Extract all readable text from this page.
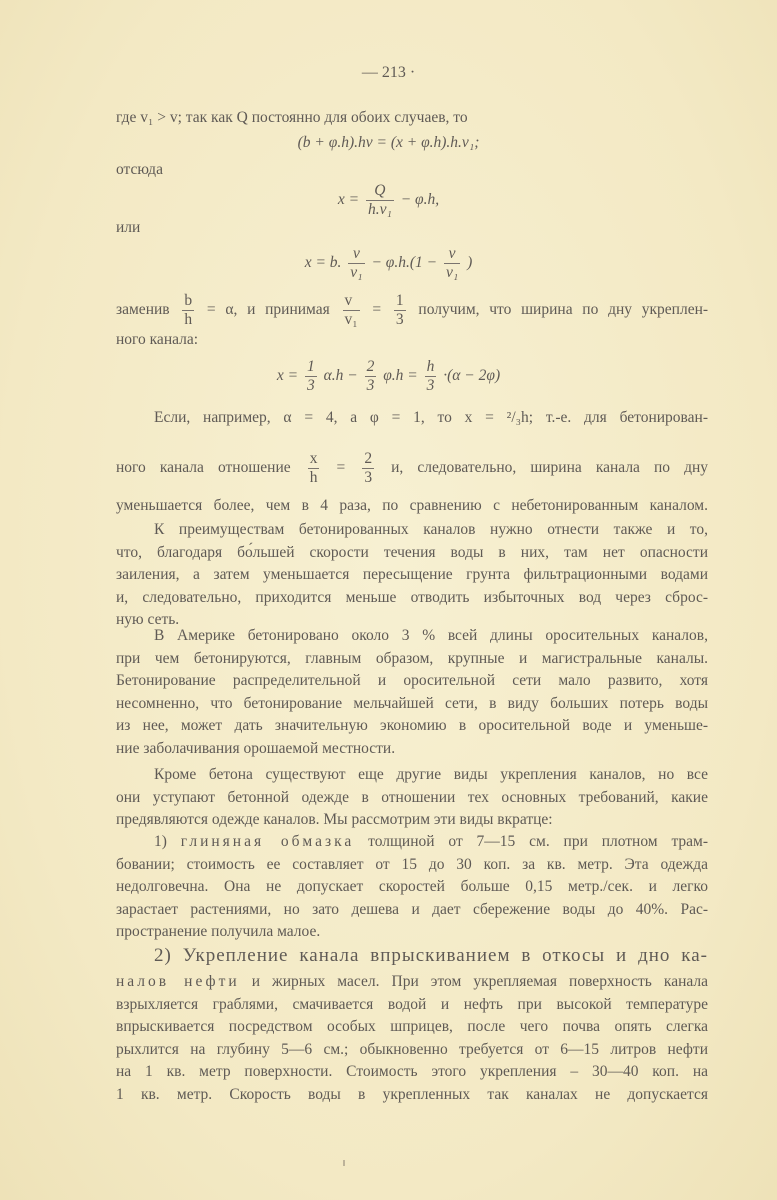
— 213 ·
где v₁ > v; так как Q постоянно для обоих случаев, то
(b + φ.h).hv = (x + φ.h).h.v₁;
отсюда
$x = \frac{Q}{\text{h.v₁}} - \varphi.h$,
или
x = b. $\frac{v}{\text{v₁}} - \varphi.h.(1 - \frac{v}{\text{v₁}}$ )
заменив $\frac{b}{h} = \alpha$, и принимая $\frac{v}{\text{v₁}} = \frac{1}{3}$ получим, что ширина по дну укреплен-
ного канала:
$x = \frac{1}{3} \alpha.h - \frac{2}{3} \varphi.h = \frac{h}{3} \cdot(\alpha - 2\varphi)$
Если, например, α = 4, а φ = 1, то x = ²/₃h; т.-е. для бетонирован-
ного канала отношение $\frac{x}{h} = \frac{2}{3} и$, следовательно, ширина канала по дну
уменьшается более, чем в 4 раза, по сравнению с небетонированным каналом.
К преимуществам бетонированных каналов нужно отнести также и то,
что, благодаря бо́льшей скорости течения воды в них, там нет опасности
заиления, а затем уменьшается пересыщение грунта фильтрационными водами
и, следовательно, приходится меньше отводить избыточных вод через сброс-
ную сеть.
В Америке бетонировано около 3 % всей длины оросительных каналов,
при чем бетонируются, главным образом, крупные и магистральные каналы.
Бетонирование распределительной и оросительной сети мало развито, хотя
несомненно, что бетонирование мельчайшей сети, в виду больших потерь воды
из нее, может дать значительную экономию в оросительной воде и уменьше-
ние заболачивания орошаемой местности.
Кроме бетона существуют еще другие виды укрепления каналов, но все
они уступают бетонной одежде в отношении тех основных требований, какие
предявляются одежде каналов. Мы рассмотрим эти виды вкратце:
1) глиняная обмазка толщиной от 7—15 см. при плотном трам-
бовании; стоимость ее составляет от 15 до 30 коп. за кв. метр. Эта одежда
недолговечна. Она не допускает скоростей больше 0,15 метр./сек. и легко
зарастает растениями, но зато дешева и дает сбережение воды до 40%. Рас-
пространение получила малое.
2) Укрепление канала впрыскиванием в откосы и дно ка-
налов нефти и жирных масел. При этом укрепляемая поверхность канала
взрыхляется граблями, смачивается водой и нефть при высокой температуре
впрыскивается посредством особых шприцев, после чего почва опять слегка
рыхлится на глубину 5—6 см.; обыкновенно требуется от 6—15 литров нефти
на 1 кв. метр поверхности. Стоимость этого укрепления – 30—40 коп. на
1 кв. метр. Скорость воды в укрепленных так каналах не допускается
